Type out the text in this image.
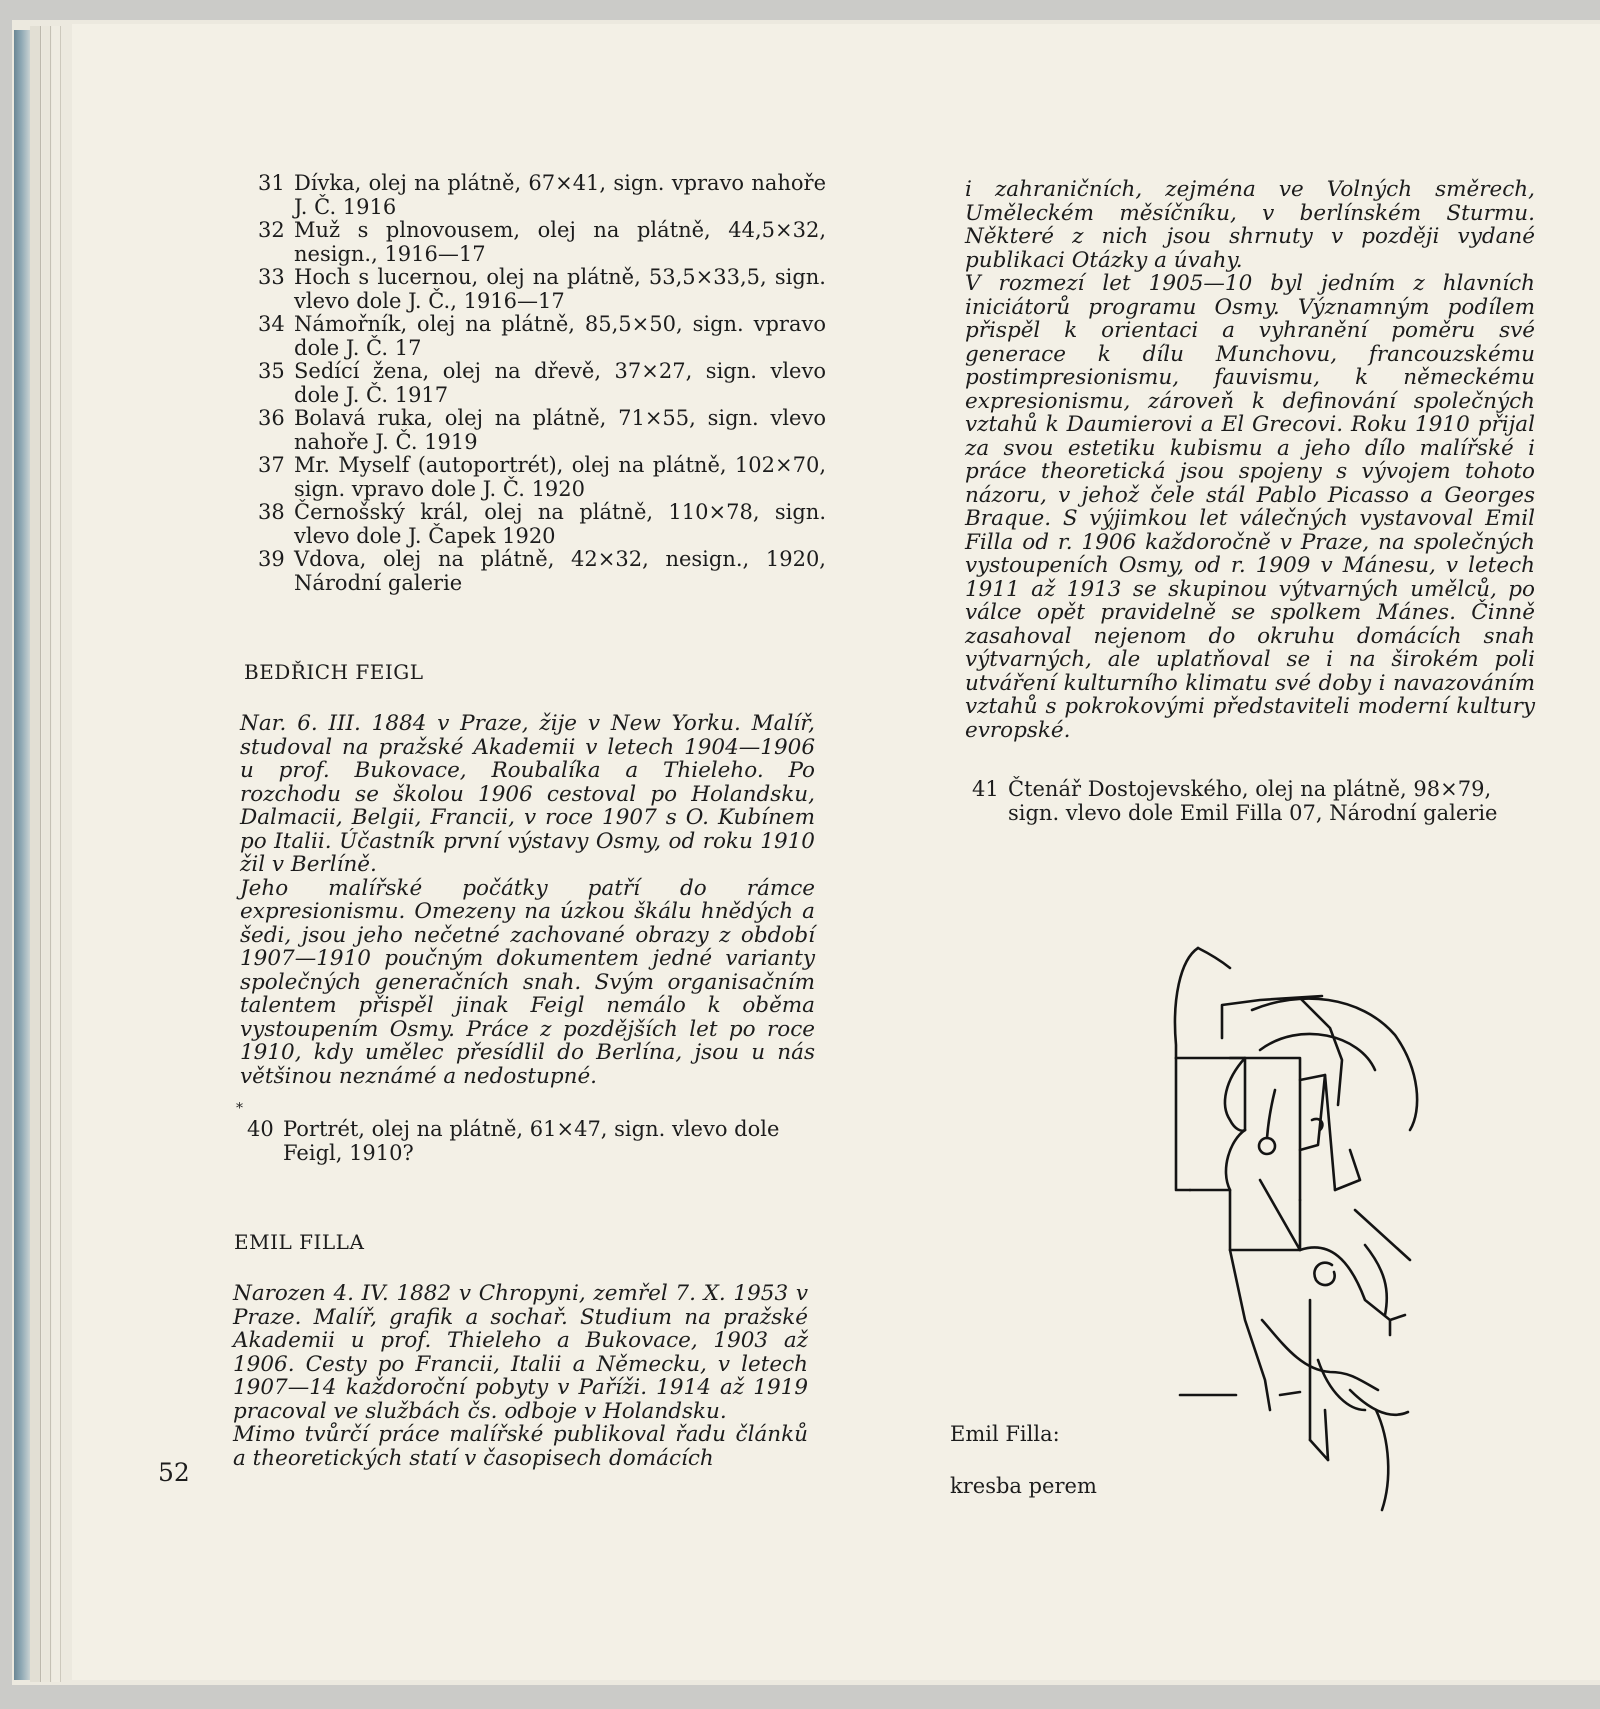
31 Dívka, olej na plátně, 67×41, sign. vpravo nahoře J. Č. 1916
32 Muž s plnovousem, olej na plátně, 44,5×32, nesign., 1916—17
33 Hoch s lucernou, olej na plátně, 53,5×33,5, sign. vlevo dole J. Č., 1916—17
34 Námořník, olej na plátně, 85,5×50, sign. vpravo dole J. Č. 17
35 Sedící žena, olej na dřevě, 37×27, sign. vlevo dole J. Č. 1917
36 Bolavá ruka, olej na plátně, 71×55, sign. vlevo nahoře J. Č. 1919
37 Mr. Myself (autoportrét), olej na plátně, 102×70, sign. vpravo dole J. Č. 1920
38 Černošský král, olej na plátně, 110×78, sign. vlevo dole J. Čapek 1920
39 Vdova, olej na plátně, 42×32, nesign., 1920, Národní galerie
BEDŘICH FEIGL

Nar. 6. III. 1884 v Praze, žije v New Yorku. Malíř, studoval na pražské Akademii v letech 1904—1906 u prof. Bukovace, Roubalíka a Thieleho. Po rozchodu se školou 1906 cestoval po Holandsku, Dalmacii, Belgii, Francii, v roce 1907 s O. Kubínem po Italii. Účastník první výstavy Osmy, od roku 1910 žil v Berlíně.

Jeho malířské počátky patří do rámce expresionismu. Omezeny na úzkou škálu hnědých a šedi, jsou jeho nečetné zachované obrazy z období 1907—1910 poučným dokumentem jedné varianty společných generačních snah. Svým organisačním talentem přispěl jinak Feigl nemálo k oběma vystoupením Osmy. Práce z pozdějších let po roce 1910, kdy umělec přesídlil do Berlína, jsou u nás většinou neznámé a nedostupné.

⁎
40 Portrét, olej na plátně, 61×47, sign. vlevo dole Feigl, 1910?
EMIL FILLA

Narozen 4. IV. 1882 v Chropyni, zemřel 7. X. 1953 v Praze. Malíř, grafik a sochař. Studium na pražské Akademii u prof. Thieleho a Bukovace, 1903 až 1906. Cesty po Francii, Italii a Německu, v letech 1907—14 každoroční pobyty v Paříži. 1914 až 1919 pracoval ve službách čs. odboje v Holandsku.

Mimo tvůrčí práce malířské publikoval řadu článků a theoretických statí v časopisech domácích

52

i zahraničních, zejména ve Volných směrech, Uměleckém měsíčníku, v berlínském Sturmu. Některé z nich jsou shrnuty v později vydané publikaci Otázky a úvahy.

V rozmezí let 1905—10 byl jedním z hlavních iniciátorů programu Osmy. Významným podílem přispěl k orientaci a vyhranění poměru své generace k dílu Munchovu, francouzskému postimpresionismu, fauvismu, k německému expresionismu, zároveň k definování společných vztahů k Daumierovi a El Grecovi. Roku 1910 přijal za svou estetiku kubismu a jeho dílo malířské i práce theoretická jsou spojeny s vývojem tohoto názoru, v jehož čele stál Pablo Picasso a Georges Braque. S výjimkou let válečných vystavoval Emil Filla od r. 1906 každoročně v Praze, na společných vystoupeních Osmy, od r. 1909 v Mánesu, v letech 1911 až 1913 se skupinou výtvarných umělců, po válce opět pravidelně se spolkem Mánes. Činně zasahoval nejenom do okruhu domácích snah výtvarných, ale uplatňoval se i na širokém poli utváření kulturního klimatu své doby i navazováním vztahů s pokrokovými představiteli moderní kultury evropské.

41 Čtenář Dostojevského, olej na plátně, 98×79, sign. vlevo dole Emil Filla 07, Národní galerie
Emil Filla:
kresba perem
